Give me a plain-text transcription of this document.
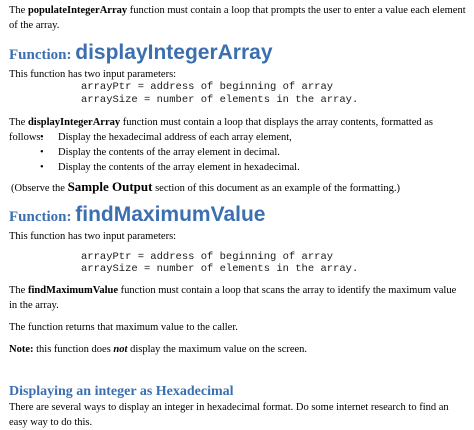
The populateIntegerArray function must contain a loop that prompts the user to enter a value each element of the array.
Function: displayIntegerArray
This function has two input parameters:
arrayPtr = address of beginning of array
arraySize = number of elements in the array.
The displayIntegerArray function must contain a loop that displays the array contents, formatted as follows:
•	Display the hexadecimal address of each array element,
• Display the contents of the array element in decimal.
• Display the contents of the array element in hexadecimal.
(Observe the Sample Output section of this document as an example of the formatting.)
Function: findMaximumValue
This function has two input parameters:
arrayPtr = address of beginning of array
arraySize = number of elements in the array.
The findMaximumValue function must contain a loop that scans the array to identify the maximum value in the array.
The function returns that maximum value to the caller.
Note: this function does not display the maximum value on the screen.
Displaying an integer as Hexadecimal
There are several ways to display an integer in hexadecimal format. Do some internet research to find an easy way to do this.
